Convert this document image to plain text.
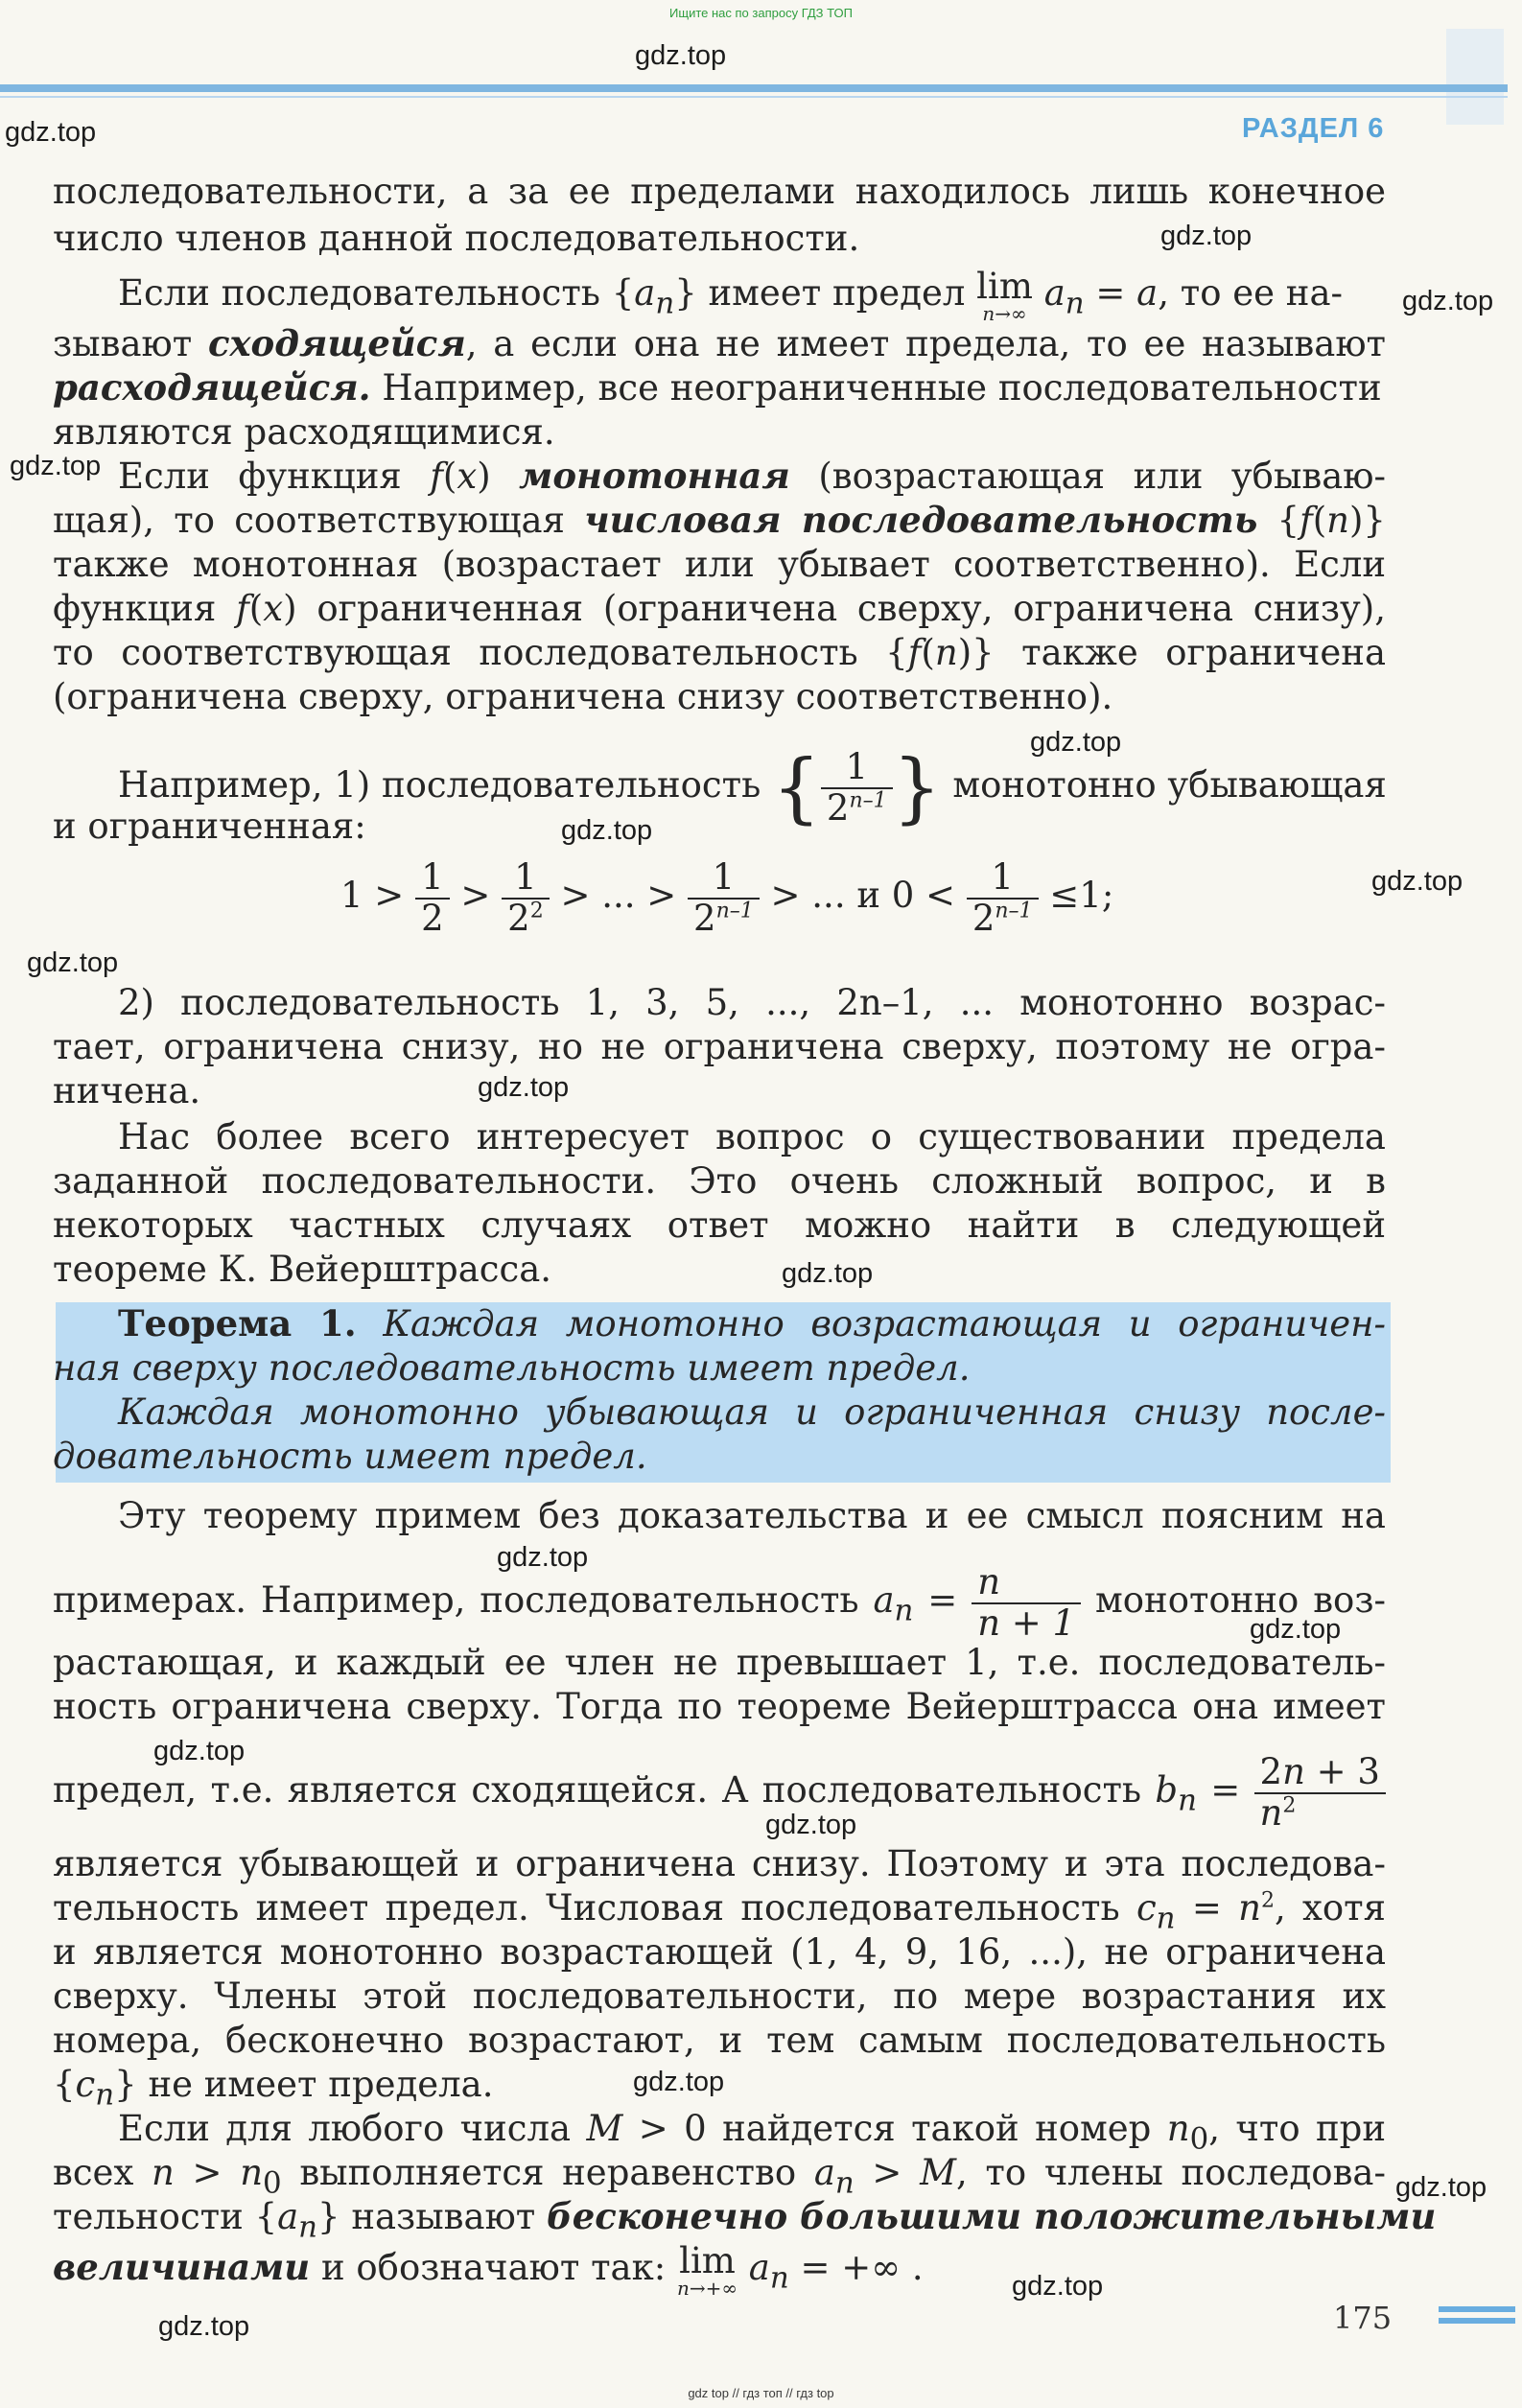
Ищите нас по запросу ГДЗ ТОП
РАЗДЕЛ 6
gdz.top
gdz.top
gdz.top
gdz.top
gdz.top
gdz.top
gdz.top
gdz.top
gdz.top
gdz.top
gdz.top
gdz.top
gdz.top
gdz.top
gdz.top
gdz.top
gdz.top
gdz.top
gdz.top
последовательности, а за ее пределами находилось лишь конечное
число членов данной последовательности.
Если последовательность $\{a_n\}$ имеет предел lim
n→∞ $a_n = a$, то ее на-
зывают сходящейся, а если она не имеет предела, то ее называют
расходящейся. Например, все неограниченные последовательности
являются расходящимися.
Если функция f(x) монотонная (возрастающая или убываю-
щая), то соответствующая числовая последовательность {f(n)}
также монотонная (возрастает или убывает соответственно). Если
функция f(x) ограниченная (ограничена сверху, ограничена снизу),
то соответствующая последовательность {f(n)} также ограничена
(ограничена сверху, ограничена снизу соответственно).
Например, 1) последовательность { $\frac{1}{2^{n-1}}$ } монотонно убывающая
и ограниченная:
$1 > \frac{1}{2} > \frac{1}{2^2}$ > ... > $\frac{1}{2^{n-1}}$ > ... и $0 < \frac{1}{2^{n-1}} \le 1$;
2) последовательность 1, 3, 5, ..., 2n–1, ... монотонно возрас-
тает, ограничена снизу, но не ограничена сверху, поэтому не огра-
ничена.
Нас более всего интересует вопрос о существовании предела
заданной последовательности. Это очень сложный вопрос, и в
некоторых частных случаях ответ можно найти в следующей
теореме К. Вейерштрасса.
Теорема 1. Каждая монотонно возрастающая и ограничен-
ная сверху последовательность имеет предел.
Каждая монотонно убывающая и ограниченная снизу после-
довательность имеет предел.
Эту теорему примем без доказательства и ее смысл поясним на
примерах. Например, последовательность $a_n = \frac{n}{n + 1}$ монотонно воз-
растающая, и каждый ее член не превышает 1, т.е. последователь-
ность ограничена сверху. Тогда по теореме Вейерштрасса она имеет
предел, т.е. является сходящейся. А последовательность $b_n = \frac{2n + 3}{n^2}$
является убывающей и ограничена снизу. Поэтому и эта последова-
тельность имеет предел. Числовая последовательность $c_n = n^2$, хотя
и является монотонно возрастающей (1, 4, 9, 16, ...), не ограничена
сверху. Члены этой последовательности, по мере возрастания их
номера, бесконечно возрастают, и тем самым последовательность
$\{c_n\}$ не имеет предела.
Если для любого числа M > 0 найдется такой номер $n_0$, что при
всех $n > n_0$ выполняется неравенство $a_n > M$, то члены последова-
тельности $\{a_n\}$ называют бесконечно большими положительными
величинами и обозначают так: lim
n→+∞ $a_n$ = +∞ .
175
gdz top // гдз топ // гдз top
